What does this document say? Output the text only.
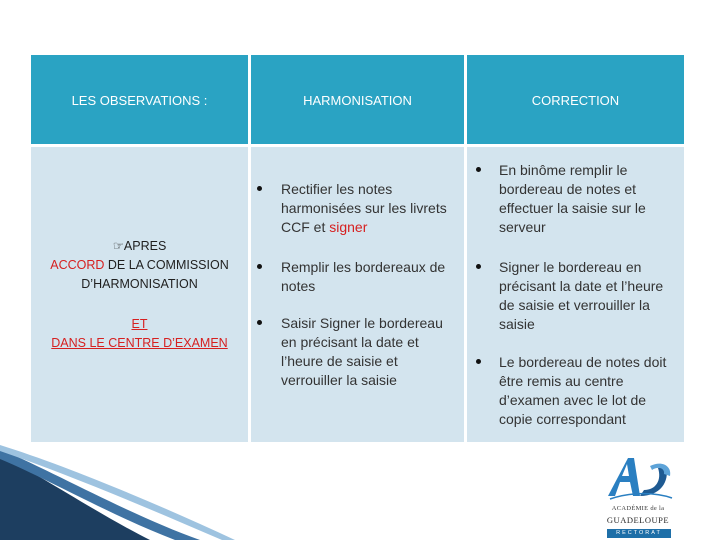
LES OBSERVATIONS :	HARMONISATION	CORRECTION
☞APRES
ACCORD DE LA COMMISSION
D’HARMONISATION
ET
DANS LE CENTRE D’EXAMEN
Rectifier les notes harmonisées sur les livrets CCF et signer
Remplir les bordereaux de notes
Saisir Signer le bordereau en précisant la date et l’heure de saisie et verrouiller la saisie
En binôme remplir le bordereau de notes et effectuer la saisie sur le serveur
Signer le bordereau en précisant la date et l’heure de saisie et verrouiller la saisie
Le bordereau de notes doit être remis au centre d’examen avec le lot de copie correspondant
ACADÉMIE de la
GUADELOUPE
RECTORAT
